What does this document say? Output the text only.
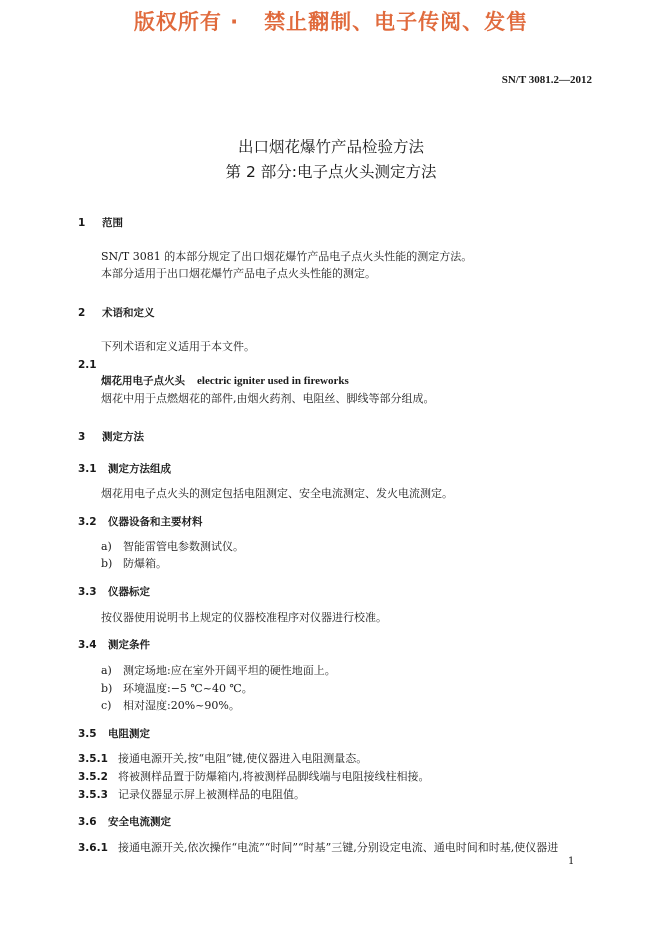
版权所有 ·   禁止翻制、电子传阅、发售
SN/T 3081.2—2012
出口烟花爆竹产品检验方法
第 2 部分:电子点火头测定方法
1 范围
SN/T 3081 的本部分规定了出口烟花爆竹产品电子点火头性能的测定方法。
本部分适用于出口烟花爆竹产品电子点火头性能的测定。
2 术语和定义
下列术语和定义适用于本文件。
2.1
烟花用电子点火头 electric igniter used in fireworks
烟花中用于点燃烟花的部件,由烟火药剂、电阻丝、脚线等部分组成。
3 测定方法
3.1 测定方法组成
烟花用电子点火头的测定包括电阻测定、安全电流测定、发火电流测定。
3.2 仪器设备和主要材料
a) 智能雷管电参数测试仪。
b) 防爆箱。
3.3 仪器标定
按仪器使用说明书上规定的仪器校准程序对仪器进行校准。
3.4 测定条件
a) 测定场地:应在室外开阔平坦的硬性地面上。
b) 环境温度:−5 ℃~40 ℃。
c) 相对湿度:20%~90%。
3.5 电阻测定
3.5.1 接通电源开关,按“电阻”键,使仪器进入电阻测量态。
3.5.2 将被测样品置于防爆箱内,将被测样品脚线端与电阻接线柱相接。
3.5.3 记录仪器显示屏上被测样品的电阻值。
3.6 安全电流测定
3.6.1 接通电源开关,依次操作“电流”“时间”“时基”三键,分别设定电流、通电时间和时基,使仪器进
1
